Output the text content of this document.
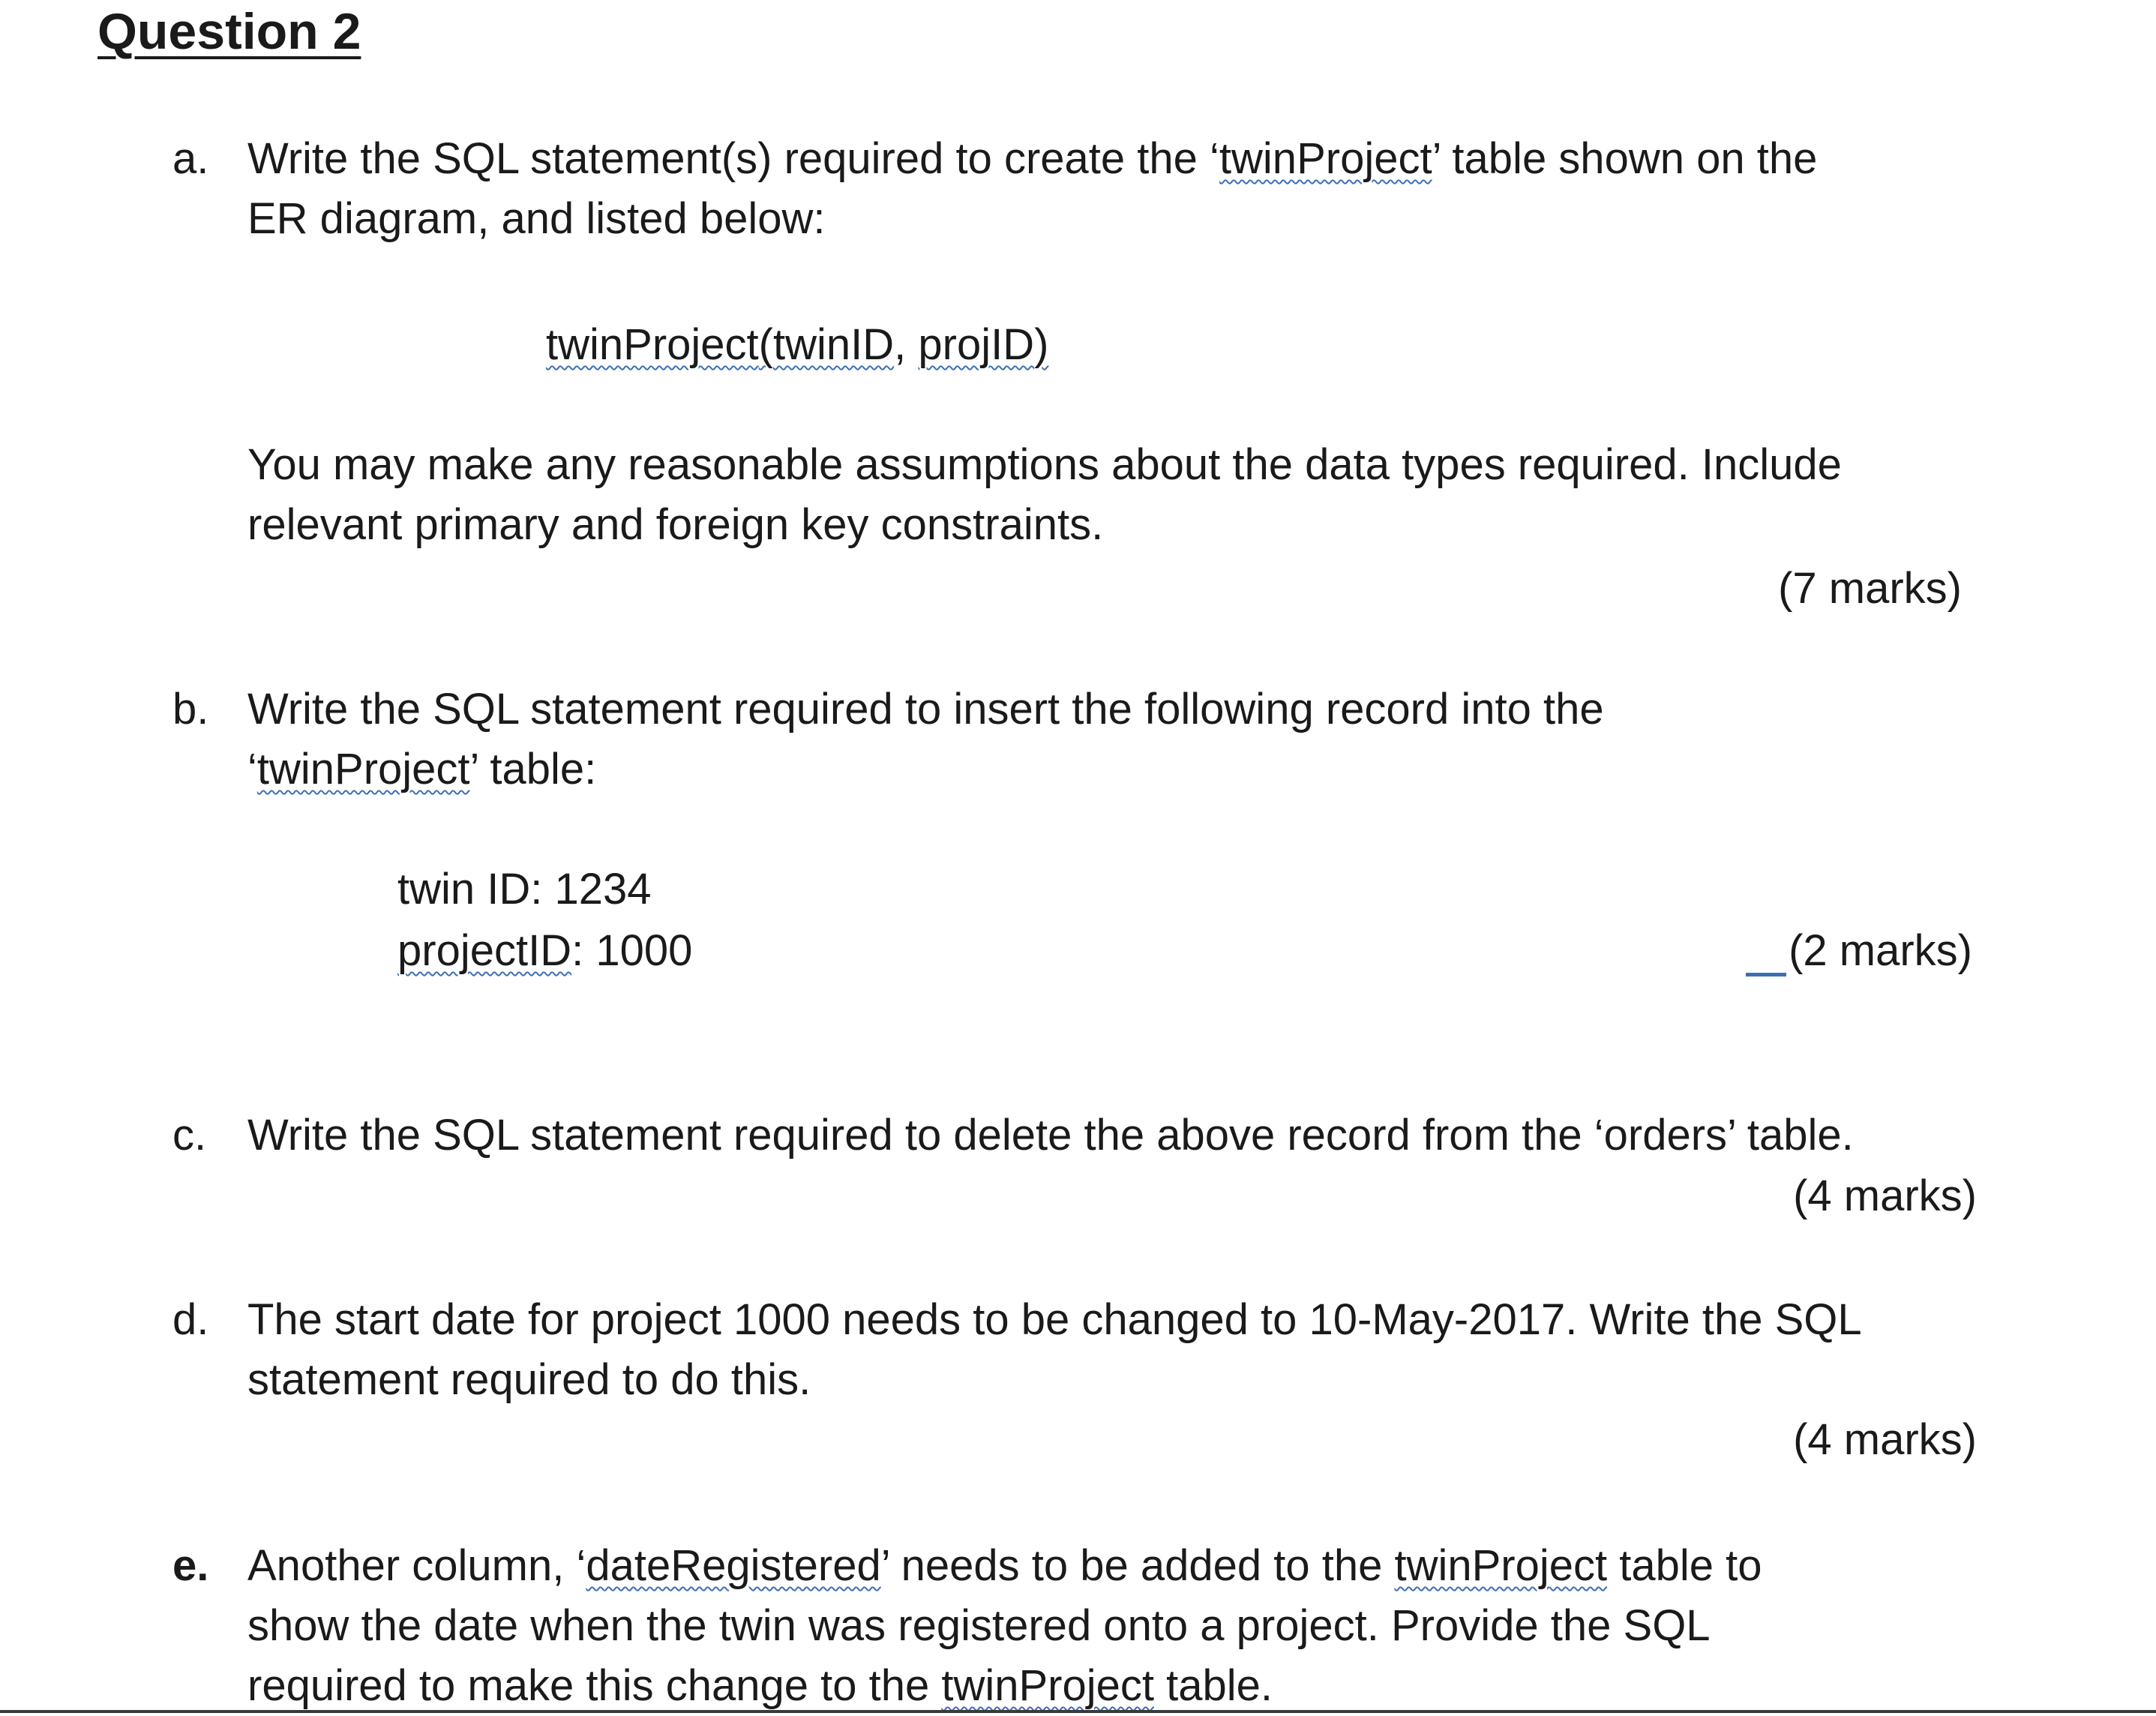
Question 2
a. Write the SQL statement(s) required to create the ‘twinProject’ table shown on the
ER diagram, and listed below:
twinProject(twinID, projID)
You may make any reasonable assumptions about the data types required. Include
relevant primary and foreign key constraints.
(7 marks)
b. Write the SQL statement required to insert the following record into the
‘twinProject’ table:
twin ID: 1234
projectID: 1000	(2 marks)
c. Write the SQL statement required to delete the above record from the ‘orders’ table.
(4 marks)
d. The start date for project 1000 needs to be changed to 10-May-2017. Write the SQL
statement required to do this.
(4 marks)
e. Another column, ‘dateRegistered’ needs to be added to the twinProject table to
show the date when the twin was registered onto a project. Provide the SQL
required to make this change to the twinProject table.
